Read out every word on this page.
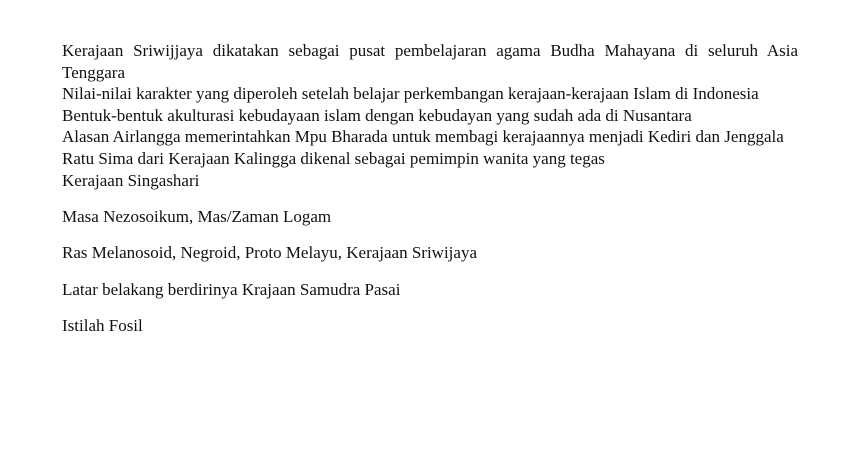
Kerajaan Sriwijjaya dikatakan sebagai pusat pembelajaran agama Budha Mahayana di seluruh Asia Tenggara

Nilai-nilai karakter yang diperoleh setelah belajar perkembangan kerajaan-kerajaan Islam di Indonesia

Bentuk-bentuk akulturasi kebudayaan islam dengan kebudayan yang sudah ada di Nusantara

Alasan Airlangga memerintahkan Mpu Bharada untuk membagi kerajaannya menjadi Kediri dan Jenggala

Ratu Sima dari Kerajaan Kalingga dikenal sebagai pemimpin wanita yang tegas

Kerajaan Singashari

Masa Nezosoikum, Mas/Zaman Logam

Ras Melanosoid, Negroid, Proto Melayu, Kerajaan Sriwijaya

Latar belakang berdirinya Krajaan Samudra Pasai

Istilah Fosil
